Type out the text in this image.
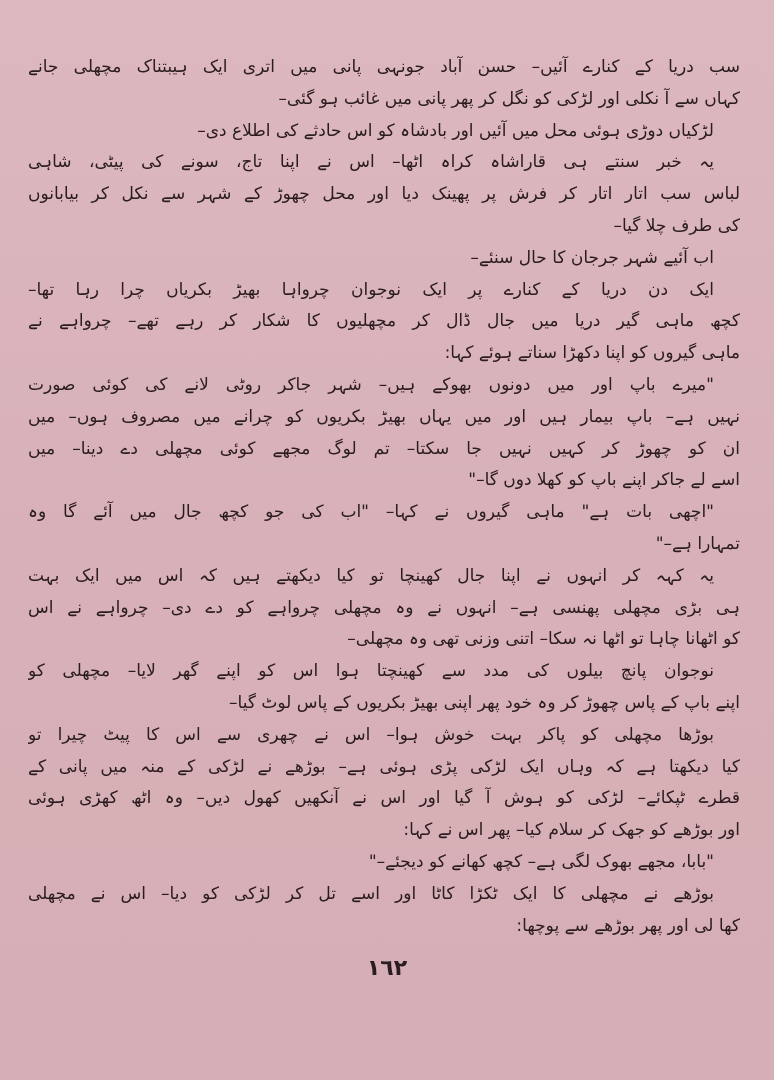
سب دریا کے کنارے آئیں– حسن آباد جونہی پانی میں اتری ایک ہیبتناک مچھلی جانے
کہاں سے آ نکلی اور لڑکی کو نگل کر پھر پانی میں غائب ہو گئی–
لڑکیاں دوڑی ہوئی محل میں آئیں اور بادشاہ کو اس حادثے کی اطلاع دی–
یہ خبر سنتے ہی قاراشاہ کراہ اٹھا– اس نے اپنا تاج، سونے کی پیٹی، شاہی
لباس سب اتار اتار کر فرش پر پھینک دیا اور محل چھوڑ کے شہر سے نکل کر بیابانوں
کی طرف چلا گیا–
اب آئیے شہر جرجان کا حال سنئے–
ایک دن دریا کے کنارے پر ایک نوجوان چرواہا بھیڑ بکریاں چرا رہا تھا–
کچھ ماہی گیر دریا میں جال ڈال کر مچھلیوں کا شکار کر رہے تھے– چرواہے نے
ماہی گیروں کو اپنا دکھڑا سناتے ہوئے کہا:
"میرے باپ اور میں دونوں بھوکے ہیں– شہر جاکر روٹی لانے کی کوئی صورت
نہیں ہے– باپ بیمار ہیں اور میں یہاں بھیڑ بکریوں کو چرانے میں مصروف ہوں– میں
ان کو چھوڑ کر کہیں نہیں جا سکتا– تم لوگ مجھے کوئی مچھلی دے دینا– میں
اسے لے جاکر اپنے باپ کو کھلا دوں گا–"
"اچھی بات ہے" ماہی گیروں نے کہا– "اب کی جو کچھ جال میں آئے گا وہ
تمہارا ہے–"
یہ کہہ کر انہوں نے اپنا جال کھینچا تو کیا دیکھتے ہیں کہ اس میں ایک بہت
ہی بڑی مچھلی پھنسی ہے– انہوں نے وہ مچھلی چرواہے کو دے دی– چرواہے نے اس
کو اٹھانا چاہا تو اٹھا نہ سکا– اتنی وزنی تھی وہ مچھلی–
نوجوان پانچ بیلوں کی مدد سے کھینچتا ہوا اس کو اپنے گھر لایا– مچھلی کو
اپنے باپ کے پاس چھوڑ کر وہ خود پھر اپنی بھیڑ بکریوں کے پاس لوٹ گیا–
بوڑھا مچھلی کو پاکر بہت خوش ہوا– اس نے چھری سے اس کا پیٹ چیرا تو
کیا دیکھتا ہے کہ وہاں ایک لڑکی پڑی ہوئی ہے– بوڑھے نے لڑکی کے منہ میں پانی کے
قطرے ٹپکائے– لڑکی کو ہوش آ گیا اور اس نے آنکھیں کھول دیں– وہ اٹھ کھڑی ہوئی
اور بوڑھے کو جھک کر سلام کیا– پھر اس نے کہا:
"بابا، مجھے بھوک لگی ہے– کچھ کھانے کو دیجئے–"
بوڑھے نے مچھلی کا ایک ٹکڑا کاٹا اور اسے تل کر لڑکی کو دیا– اس نے مچھلی
کھا لی اور پھر بوڑھے سے پوچھا:
١٦٢
